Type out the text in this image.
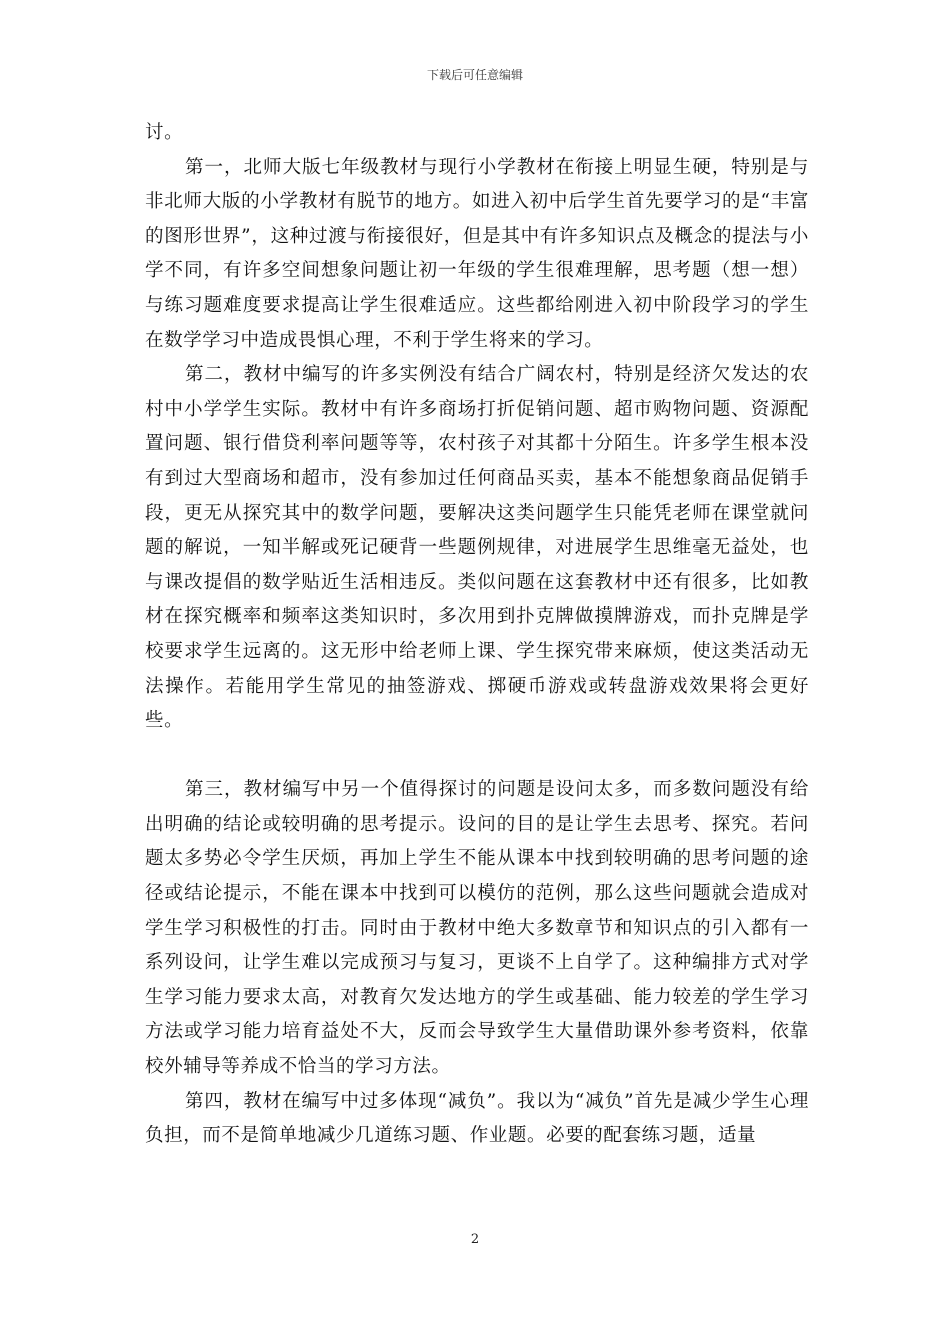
下载后可任意编辑

讨。

第一，北师大版七年级教材与现行小学教材在衔接上明显生硬，特别是与非北师大版的小学教材有脱节的地方。如进入初中后学生首先要学习的是“丰富的图形世界”，这种过渡与衔接很好，但是其中有许多知识点及概念的提法与小学不同，有许多空间想象问题让初一年级的学生很难理解，思考题（想一想）与练习题难度要求提高让学生很难适应。这些都给刚进入初中阶段学习的学生在数学学习中造成畏惧心理，不利于学生将来的学习。

第二，教材中编写的许多实例没有结合广阔农村，特别是经济欠发达的农村中小学学生实际。教材中有许多商场打折促销问题、超市购物问题、资源配置问题、银行借贷利率问题等等，农村孩子对其都十分陌生。许多学生根本没有到过大型商场和超市，没有参加过任何商品买卖，基本不能想象商品促销手段，更无从探究其中的数学问题，要解决这类问题学生只能凭老师在课堂就问题的解说，一知半解或死记硬背一些题例规律，对进展学生思维毫无益处，也与课改提倡的数学贴近生活相违反。类似问题在这套教材中还有很多，比如教材在探究概率和频率这类知识时，多次用到扑克牌做摸牌游戏，而扑克牌是学校要求学生远离的。这无形中给老师上课、学生探究带来麻烦，使这类活动无法操作。若能用学生常见的抽签游戏、掷硬币游戏或转盘游戏效果将会更好些。

第三，教材编写中另一个值得探讨的问题是设问太多，而多数问题没有给出明确的结论或较明确的思考提示。设问的目的是让学生去思考、探究。若问题太多势必令学生厌烦，再加上学生不能从课本中找到较明确的思考问题的途径或结论提示，不能在课本中找到可以模仿的范例，那么这些问题就会造成对学生学习积极性的打击。同时由于教材中绝大多数章节和知识点的引入都有一系列设问，让学生难以完成预习与复习，更谈不上自学了。这种编排方式对学生学习能力要求太高，对教育欠发达地方的学生或基础、能力较差的学生学习方法或学习能力培育益处不大，反而会导致学生大量借助课外参考资料，依靠校外辅导等养成不恰当的学习方法。

第四，教材在编写中过多体现“减负”。我以为“减负”首先是减少学生心理负担，而不是简单地减少几道练习题、作业题。必要的配套练习题，适量

2
